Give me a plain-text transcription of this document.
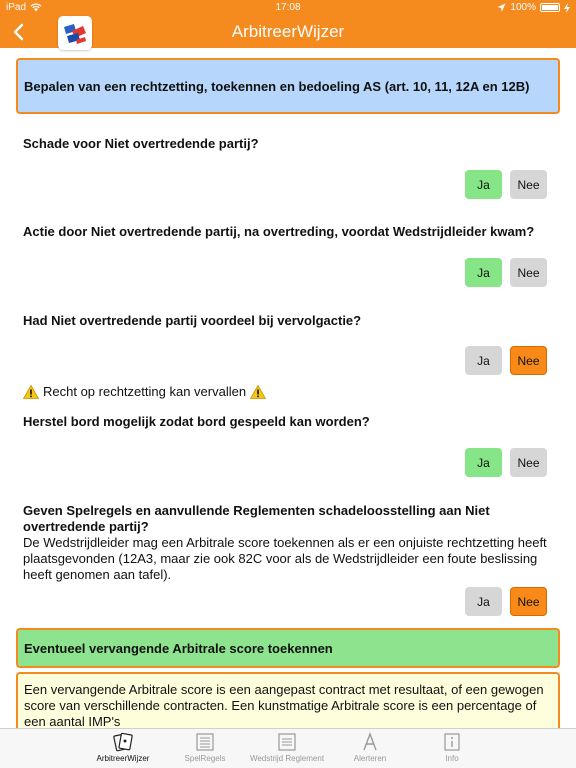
iPad	17:08	100%
ArbitreerWijzer
Bepalen van een rechtzetting, toekennen en bedoeling AS (art. 10, 11, 12A en 12B)
Schade voor Niet overtredende partij?
Ja	Nee
Actie door Niet overtredende partij, na overtreding, voordat Wedstrijdleider kwam?
Ja	Nee
Had Niet overtredende partij voordeel bij vervolgactie?
Ja	Nee
Recht op rechtzetting kan vervallen
Herstel bord mogelijk zodat bord gespeeld kan worden?
Ja	Nee
Geven Spelregels en aanvullende Reglementen schadeloosstelling aan Niet overtredende partij?
De Wedstrijdleider mag een Arbitrale score toekennen als er een onjuiste rechtzetting heeft plaatsgevonden (12A3, maar zie ook 82C voor als de Wedstrijdleider een foute beslissing heeft genomen aan tafel).
Ja	Nee
Eventueel vervangende Arbitrale score toekennen
Een vervangende Arbitrale score is een aangepast contract met resultaat, of een gewogen score van verschillende contracten. Een kunstmatige Arbitrale score is een percentage of een aantal IMP's
ArbitreerWijzer	SpelRegels	Wedstrijd Reglement	Alerteren	Info
